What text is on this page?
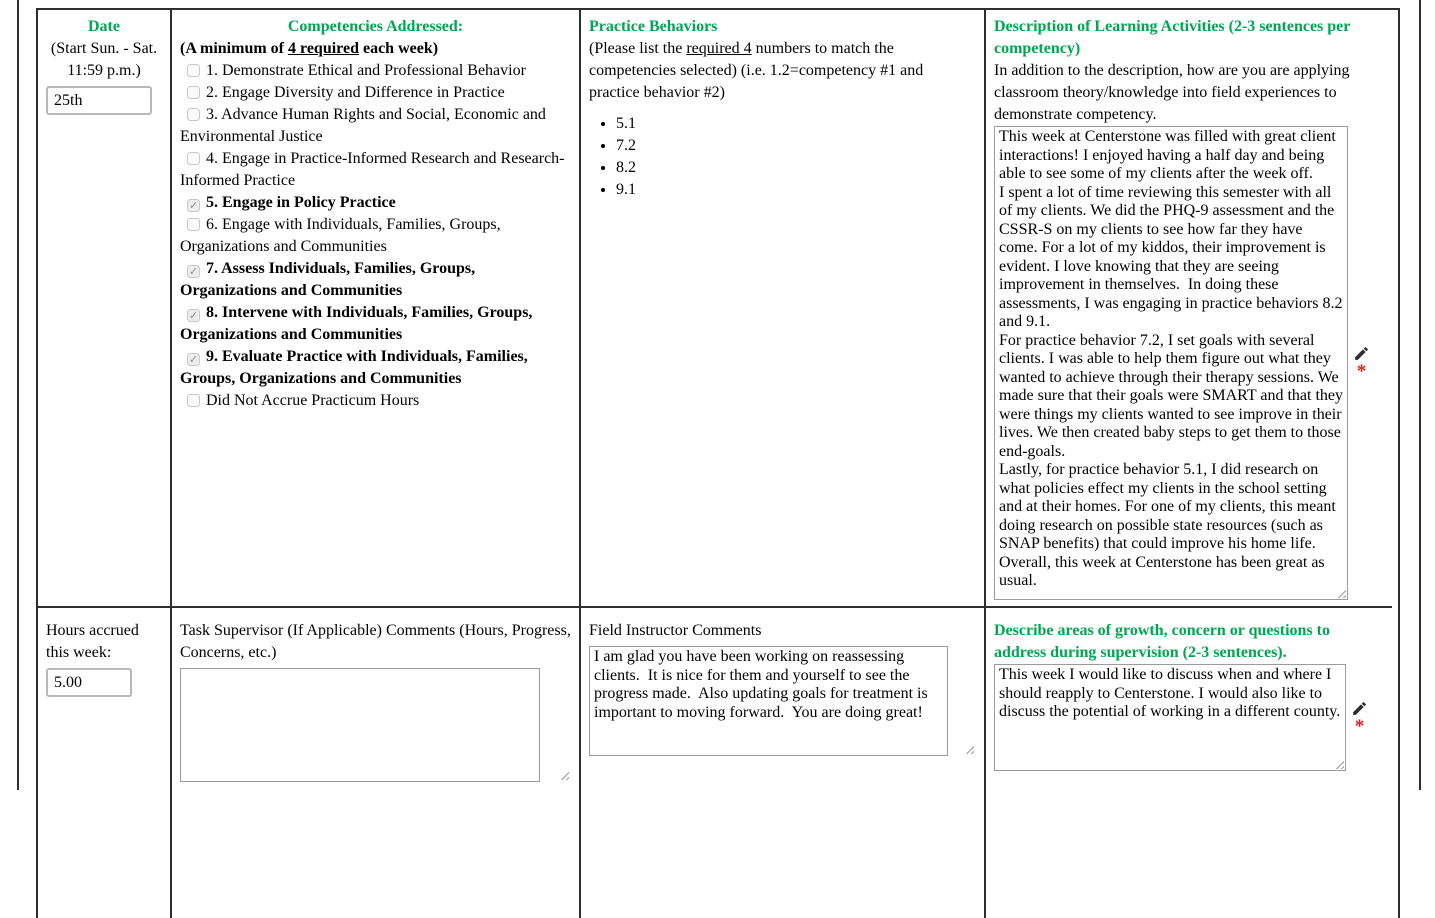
Date
(Start Sun. - Sat.
11:59 p.m.)
25th
Competencies Addressed:
(A minimum of 4 required each week)
1. Demonstrate Ethical and Professional Behavior
2. Engage Diversity and Difference in Practice
3. Advance Human Rights and Social, Economic and Environmental Justice
4. Engage in Practice-Informed Research and Research-Informed Practice
✓ 5. Engage in Policy Practice
6. Engage with Individuals, Families, Groups, Organizations and Communities
✓ 7. Assess Individuals, Families, Groups, Organizations and Communities
✓ 8. Intervene with Individuals, Families, Groups, Organizations and Communities
✓ 9. Evaluate Practice with Individuals, Families, Groups, Organizations and Communities
Did Not Accrue Practicum Hours
Practice Behaviors
(Please list the required 4 numbers to match the competencies selected) (i.e. 1.2=competency #1 and practice behavior #2)
• 5.1
• 7.2
• 8.2
• 9.1
Description of Learning Activities (2-3 sentences per competency)
In addition to the description, how are you are applying classroom theory/knowledge into field experiences to demonstrate competency.
This week at Centerstone was filled with great client interactions! I enjoyed having a half day and being able to see some of my clients after the week off. I spent a lot of time reviewing this semester with all of my clients. We did the PHQ-9 assessment and the CSSR-S on my clients to see how far they have come. For a lot of my kiddos, their improvement is evident. I love knowing that they are seeing improvement in themselves. In doing these assessments, I was engaging in practice behaviors 8.2 and 9.1. For practice behavior 7.2, I set goals with several clients. I was able to help them figure out what they wanted to achieve through their therapy sessions. We made sure that their goals were SMART and that they were things my clients wanted to see improve in their lives. We then created baby steps to get them to those end-goals. Lastly, for practice behavior 5.1, I did research on what policies effect my clients in the school setting and at their homes. For one of my clients, this meant doing research on possible state resources (such as SNAP benefits) that could improve his home life. Overall, this week at Centerstone has been great as usual.
*
Hours accrued this week:
5.00
Task Supervisor (If Applicable) Comments (Hours, Progress, Concerns, etc.)
Field Instructor Comments
I am glad you have been working on reassessing clients. It is nice for them and yourself to see the progress made. Also updating goals for treatment is important to moving forward. You are doing great!	Describe areas of growth, concern or questions to address during supervision (2-3 sentences).
This week I would like to discuss when and where I should reapply to Centerstone. I would also like to discuss the potential of working in a different county.
*
